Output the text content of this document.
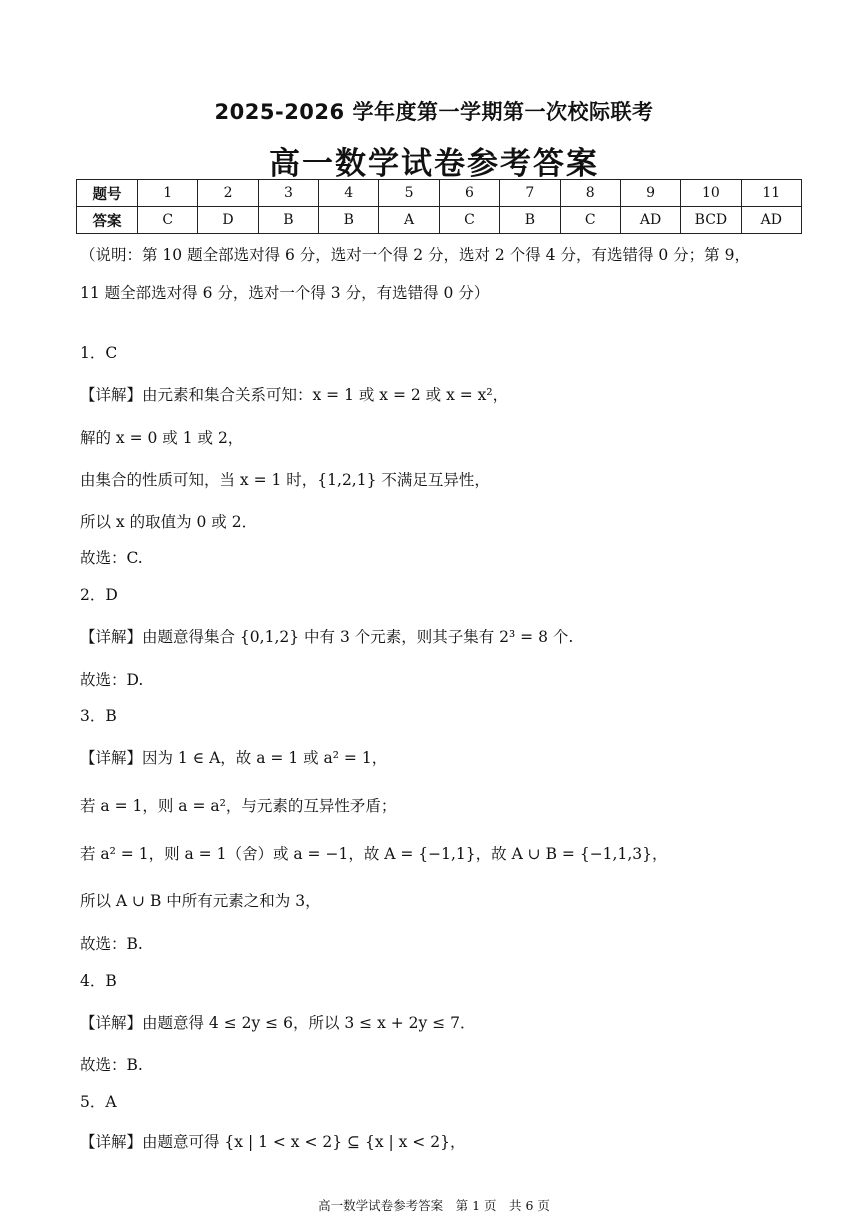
2025-2026 学年度第一学期第一次校际联考
高一数学试卷参考答案
题号	1	2	3	4	5	6	7	8	9	10	11
答案	C	D	B	B	A	C	B	C	AD	BCD	AD
（说明：第 10 题全部选对得 6 分，选对一个得 2 分，选对 2 个得 4 分，有选错得 0 分；第 9，
11 题全部选对得 6 分，选对一个得 3 分，有选错得 0 分）
1．C
【详解】由元素和集合关系可知：x = 1 或 x = 2 或 x = x²，
解的 x = 0 或 1 或 2，
由集合的性质可知，当 x = 1 时，{1,2,1} 不满足互异性，
所以 x 的取值为 0 或 2．
故选：C.
2．D
【详解】由题意得集合 {0,1,2} 中有 3 个元素，则其子集有 2³ = 8 个.
故选：D.
3．B
【详解】因为 1 ∈ A，故 a = 1 或 a² = 1，
若 a = 1，则 a = a²，与元素的互异性矛盾；
若 a² = 1，则 a = 1（舍）或 a = −1，故 A = {−1,1}，故 A ∪ B = {−1,1,3}，
所以 A ∪ B 中所有元素之和为 3，
故选：B.
4．B
【详解】由题意得 4 ≤ 2y ≤ 6，所以 3 ≤ x + 2y ≤ 7．
故选：B.
5．A
【详解】由题意可得 {x | 1 < x < 2} ⊆ {x | x < 2}，
高一数学试卷参考答案　第 1 页　共 6 页
